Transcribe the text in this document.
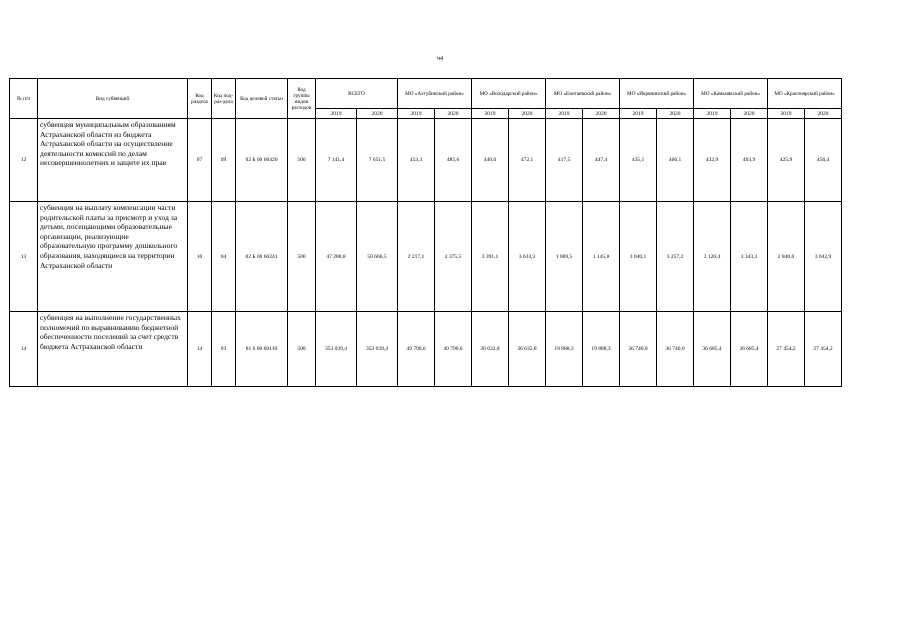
ч4
№ п/п	Вид субвенций	Код раздела	Код под-раз-дела	Код целевой статьи	Код группы видов расходов	ВСЕГО		МО «Ахтубинский район»		МО «Володарский район»		МО «Енотаевский район»		МО «Икрянинский район»		МО «Камызякский район»		МО «Красноярский район»	
						2019	2020	2019	2020	2019	2020	2019	2020	2019	2020	2019	2020	2019	2020
12	субвенция муниципальным образованиям Астраханской области из бюджета Астраханской области на осуществление деятельности комиссий по делам несовершеннолетних и защите их прав	07	09	02 Б 00 60420	500	7 141,4	7 651,5	453,3	485,6	440,6	472,1	417,5	447,4	435,1	466,1	432,9	463,9	425,9	456,4
13	субвенция на выплату компенсации части родительской платы за присмотр и уход за детьми, посещающими образовательные организации, реализующие образовательную программу дошкольного образования, находящиеся на территории Астраханской области	10	04	02 Б 00 60241	500	47 288,8	50 666,5	2 217,1	2 375,5	3 391,1	3 633,3	1 069,5	1 145,8	3 040,1	3 257,2	3 120,4	3 343,3	2 840,0	3 042,9
14	субвенция на выполнение государственных полномочий по выравниванию бюджетной обеспеченности поселений за счет средств бюджета Астраханской области	14	03	81 6 00 60110	500	353 039,4	353 039,4	49 790,6	49 790,6	36 632,8	36 632,8	19 888,3	19 888,3	36 740,0	36 740,0	36 685,4	36 685,4	27 454,2	27 454,2
